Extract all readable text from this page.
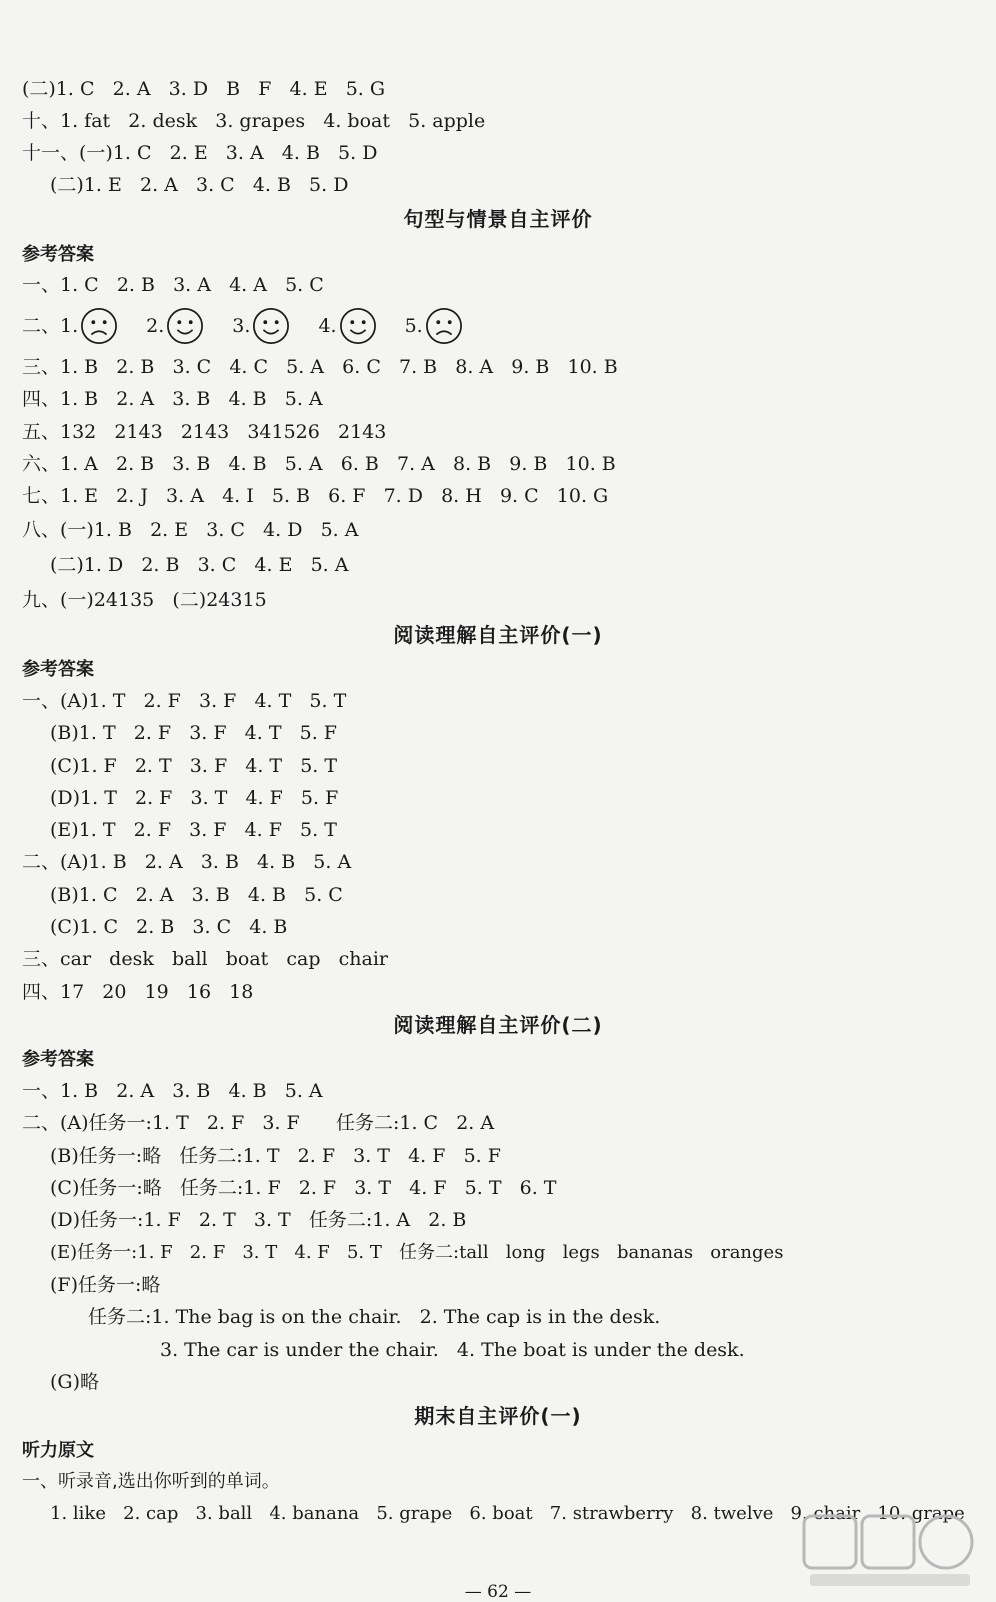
(二)1. C   2. A   3. D   B   F   4. E   5. G
十、1. fat   2. desk   3. grapes   4. boat   5. apple
十一、(一)1. C   2. E   3. A   4. B   5. D
(二)1. E   2. A   3. C   4. B   5. D
句型与情景自主评价
参考答案
一、1. C   2. B   3. A   4. A   5. C
二、 1.	2.	3.	4.	5.
三、1. B   2. B   3. C   4. C   5. A   6. C   7. B   8. A   9. B   10. B
四、1. B   2. A   3. B   4. B   5. A
五、132   2143   2143   341526   2143
六、1. A   2. B   3. B   4. B   5. A   6. B   7. A   8. B   9. B   10. B
七、1. E   2. J   3. A   4. I   5. B   6. F   7. D   8. H   9. C   10. G
八、(一)1. B   2. E   3. C   4. D   5. A
(二)1. D   2. B   3. C   4. E   5. A
九、(一)24135   (二)24315
阅读理解自主评价(一)
参考答案
一、(A)1. T   2. F   3. F   4. T   5. T
(B)1. T   2. F   3. F   4. T   5. F
(C)1. F   2. T   3. F   4. T   5. T
(D)1. T   2. F   3. T   4. F   5. F
(E)1. T   2. F   3. F   4. F   5. T
二、(A)1. B   2. A   3. B   4. B   5. A
(B)1. C   2. A   3. B   4. B   5. C
(C)1. C   2. B   3. C   4. B
三、car   desk   ball   boat   cap   chair
四、17   20   19   16   18
阅读理解自主评价(二)
参考答案
一、1. B   2. A   3. B   4. B   5. A
二、(A)任务一:1. T   2. F   3. F      任务二:1. C   2. A
(B)任务一:略   任务二:1. T   2. F   3. T   4. F   5. F
(C)任务一:略   任务二:1. F   2. F   3. T   4. F   5. T   6. T
(D)任务一:1. F   2. T   3. T   任务二:1. A   2. B
(E)任务一:1. F   2. F   3. T   4. F   5. T   任务二:tall   long   legs   bananas   oranges
(F)任务一:略
任务二:1. The bag is on the chair.   2. The cap is in the desk.
3. The car is under the chair.   4. The boat is under the desk.
(G)略
期末自主评价(一)
听力原文
一、听录音,选出你听到的单词。
1. like   2. cap   3. ball   4. banana   5. grape   6. boat   7. strawberry   8. twelve   9. chair   10. grape
— 62 —
